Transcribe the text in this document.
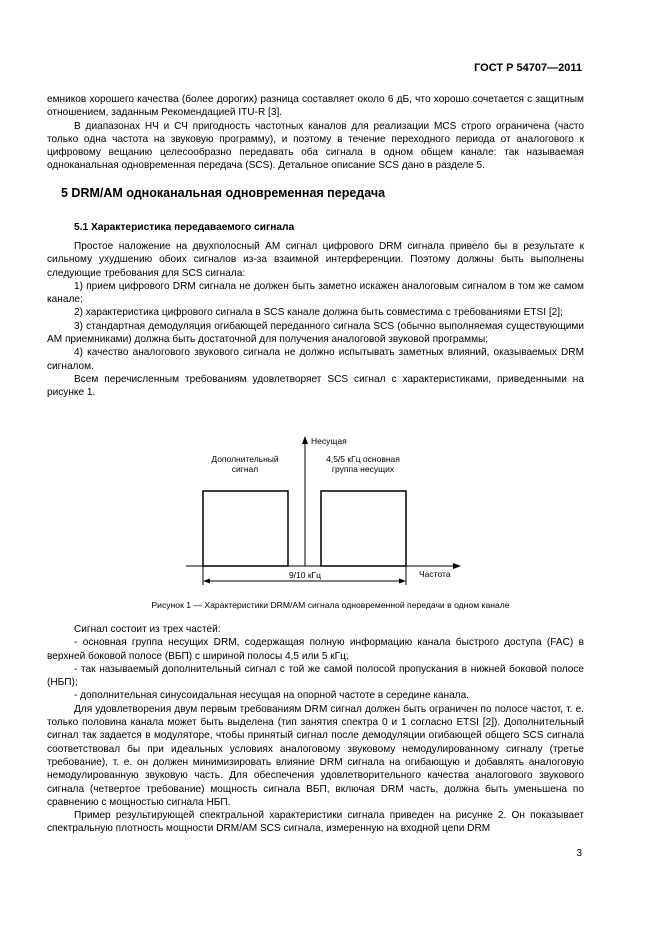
ГОСТ Р 54707—2011

емников хорошего качества (более дорогих) разница составляет около 6 дБ, что хорошо сочетается с защитным отношением, заданным Рекомендацией ITU-R [3].

В диапазонах НЧ и СЧ пригодность частотных каналов для реализации MCS строго ограничена (часто только одна частота на звуковую программу), и поэтому в течение переходного периода от аналогового к цифровому вещанию целесообразно передавать оба сигнала в одном общем канале: так называемая одноканальная одновременная передача (SCS). Детальное описание SCS дано в разделе 5.

5 DRM/AM одноканальная одновременная передача
5.1 Характеристика передаваемого сигнала

Простое наложение на двухполосный АМ сигнал цифрового DRM сигнала привело бы в результате к сильному ухудшению обоих сигналов из-за взаимной интерференции. Поэтому должны быть выполнены следующие требования для SCS сигнала:

1) прием цифрового DRM сигнала не должен быть заметно искажен аналоговым сигналом в том же самом канале;

2) характеристика цифрового сигнала в SCS канале должна быть совместима с требованиями ETSI [2];

3) стандартная демодуляция огибающей переданного сигнала SCS (обычно выполняемая существующими АМ приемниками) должна быть достаточной для получения аналоговой звуковой программы;

4) качество аналогового звукового сигнала не должно испытывать заметных влияний, оказываемых DRM сигналом.

Всем перечисленным требованиям удовлетворяет SCS сигнал с характеристиками, приведенными на рисунке 1.

Несущая
Частота
Дополнительный
сигнал
4,5/5 кГц основная
группа несущих
9/10 кГц
Рисунок 1 — Характеристики DRM/AM сигнала одновременной передачи в одном канале

Сигнал состоит из трех частей:

- основная группа несущих DRM, содержащая полную информацию канала быстрого доступа (FAC) в верхней боковой полосе (ВБП) с шириной полосы 4,5 или 5 кГц;

- так называемый дополнительный сигнал с той же самой полосой пропускания в нижней боковой полосе (НБП);

- дополнительная синусоидальная несущая на опорной частоте в середине канала.

Для удовлетворения двум первым требованиям DRM сигнал должен быть ограничен по полосе частот, т. е. только половина канала может быть выделена (тип занятия спектра 0 и 1 согласно ETSI [2]). Дополнительный сигнал так задается в модуляторе, чтобы принятый сигнал после демодуляции огибающей общего SCS сигнала соответствовал бы при идеальных условиях аналоговому звуковому немодулированному сигналу (третье требование), т. е. он должен минимизировать влияние DRM сигнала на огибающую и добавлять аналоговую немодулированную звуковую часть. Для обеспечения удовлетворительного качества аналогового звукового сигнала (четвертое требование) мощность сигнала ВБП, включая DRM часть, должна быть уменьшена по сравнению с мощностью сигнала НБП.

Пример результирующей спектральной характеристики сигнала приведен на рисунке 2. Он показывает спектральную плотность мощности DRM/AM SCS сигнала, измеренную на входной цепи DRM

3
